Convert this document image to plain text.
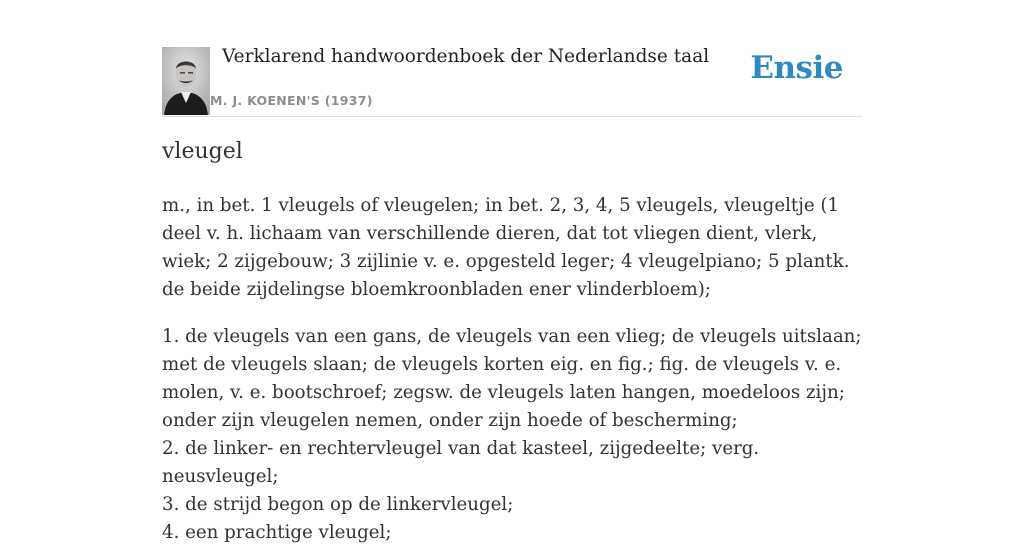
Verklarend handwoordenboek der Nederlandse taal
M. J. KOENEN'S (1937)
Ensie
vleugel

m., in bet. 1 vleugels of vleugelen; in bet. 2, 3, 4, 5 vleugels, vleugeltje (1 deel v. h. lichaam van verschillende dieren, dat tot vliegen dient, vlerk, wiek; 2 zijgebouw; 3 zijlinie v. e. opgesteld leger; 4 vleugelpiano; 5 plantk. de beide zijdelingse bloemkroonbladen ener vlinderbloem);

1. de vleugels van een gans, de vleugels van een vlieg; de vleugels uitslaan; met de vleugels slaan; de vleugels korten eig. en fig.; fig. de vleugels v. e. molen, v. e. bootschroef; zegsw. de vleugels laten hangen, moedeloos zijn; onder zijn vleugelen nemen, onder zijn hoede of bescherming;
2. de linker- en rechtervleugel van dat kasteel, zijgedeelte; verg. neusvleugel;
3. de strijd begon op de linkervleugel;
4. een prachtige vleugel;
